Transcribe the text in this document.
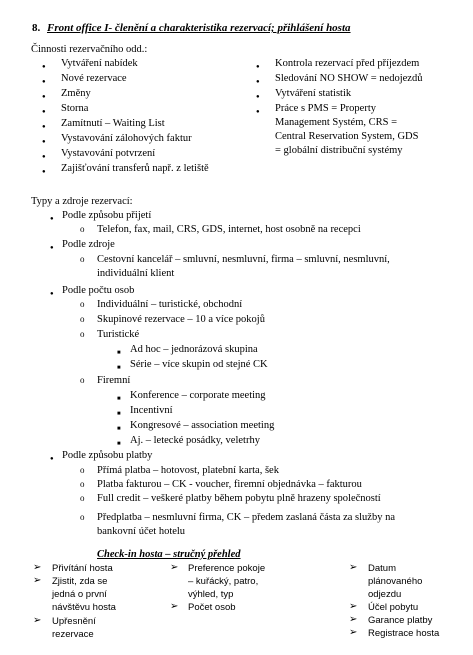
8. Front office I- členění a charakteristika rezervací; přihlášení hosta
Činnosti rezervačního odd.:
● Vytváření nabídek
● Nové rezervace
● Změny
● Storna
● Zamítnutí – Waiting List
● Vystavování zálohových faktur
● Vystavování potvrzení
● Zajišťování transferů např. z letiště
● Kontrola rezervací před příjezdem
● Sledování NO SHOW = nedojezdů
● Vytváření statistik
● Práce s PMS = Property
Management Systém, CRS =
Central Reservation System, GDS
= globální distribuční systémy
Typy a zdroje rezervací:
● Podle způsobu přijetí
o Telefon, fax, mail, CRS, GDS, internet, host osobně na recepci
● Podle zdroje
o Cestovní kancelář – smluvní, nesmluvní, firma – smluvní, nesmluvní,
individuální klient
● Podle počtu osob
o Individuální – turistické, obchodní
o Skupinové rezervace – 10 a více pokojů
o Turistické
■ Ad hoc – jednorázová skupina
■ Série – více skupin od stejné CK
o Firemní
■ Konference – corporate meeting
■ Incentivní
■ Kongresové – association meeting
■ Aj. – letecké posádky, veletrhy
● Podle způsobu platby
o Přímá platba – hotovost, platební karta, šek
o Platba fakturou – CK - voucher, firemní objednávka – fakturou
o Full credit – veškeré platby během pobytu plně hrazeny společností
o Předplatba – nesmluvní firma, CK – předem zaslaná částa za služby na
bankovní účet hotelu
Check-in hosta – stručný přehled
➢ Přivítání hosta
➢ Zjistit, zda se
jedná o první
návštěvu hosta
➢ Upřesnění
rezervace
➢ Preference pokoje
– kuřácký, patro,
výhled, typ
➢ Počet osob
➢ Datum
plánovaného
odjezdu
➢ Účel pobytu
➢ Garance platby
➢ Registrace hosta
